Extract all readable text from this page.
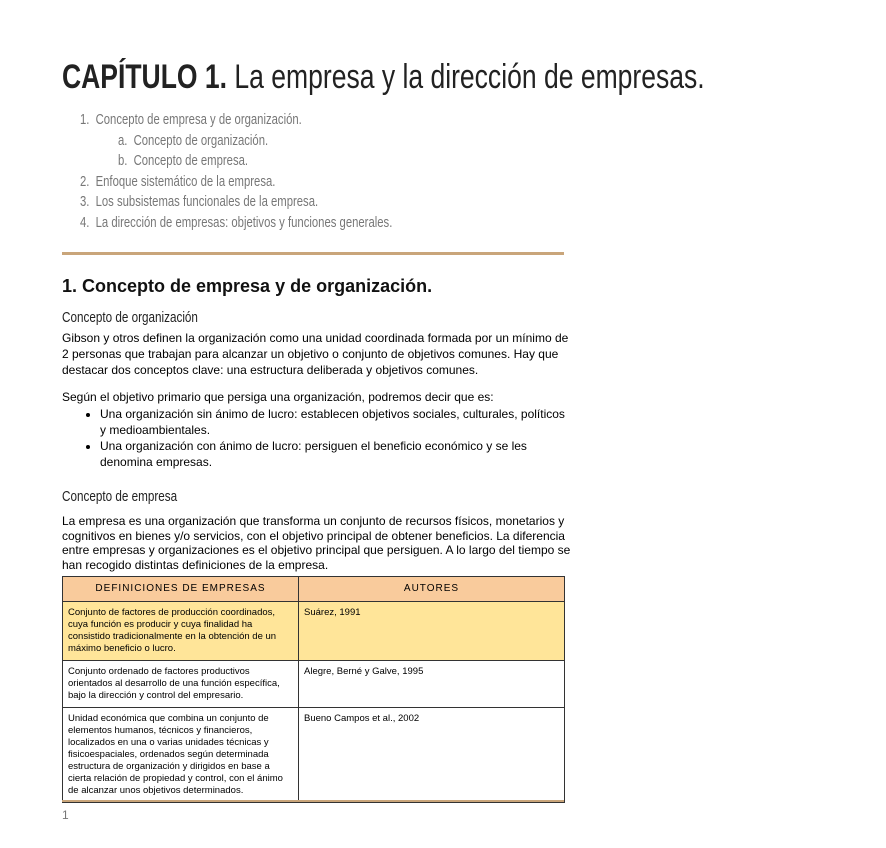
CAPÍTULO 1. La empresa y la dirección de empresas.
1. Concepto de empresa y de organización.
a. Concepto de organización.
b. Concepto de empresa.
2. Enfoque sistemático de la empresa.
3. Los subsistemas funcionales de la empresa.
4. La dirección de empresas: objetivos y funciones generales.
1. Concepto de empresa y de organización.
Concepto de organización
Gibson y otros definen la organización como una unidad coordinada formada por un mínimo de 2 personas que trabajan para alcanzar un objetivo o conjunto de objetivos comunes. Hay que destacar dos conceptos clave: una estructura deliberada y objetivos comunes.
Según el objetivo primario que persiga una organización, podremos decir que es:
• Una organización sin ánimo de lucro: establecen objetivos sociales, culturales, políticos y medioambientales.
• Una organización con ánimo de lucro: persiguen el beneficio económico y se les denomina empresas.
Concepto de empresa
La empresa es una organización que transforma un conjunto de recursos físicos, monetarios y cognitivos en bienes y/o servicios, con el objetivo principal de obtener beneficios. La diferencia entre empresas y organizaciones es el objetivo principal que persiguen. A lo largo del tiempo se han recogido distintas definiciones de la empresa.
DEFINICIONES DE EMPRESAS	AUTORES
Conjunto de factores de producción coordinados, cuya función es producir y cuya finalidad ha consistido tradicionalmente en la obtención de un máximo beneficio o lucro.	Suárez, 1991
Conjunto ordenado de factores productivos orientados al desarrollo de una función específica, bajo la dirección y control del empresario.	Alegre, Berné y Galve, 1995
Unidad económica que combina un conjunto de elementos humanos, técnicos y financieros, localizados en una o varias unidades técnicas y fisicoespaciales, ordenados según determinada estructura de organización y dirigidos en base a cierta relación de propiedad y control, con el ánimo de alcanzar unos objetivos determinados.	Bueno Campos et al., 2002
1
